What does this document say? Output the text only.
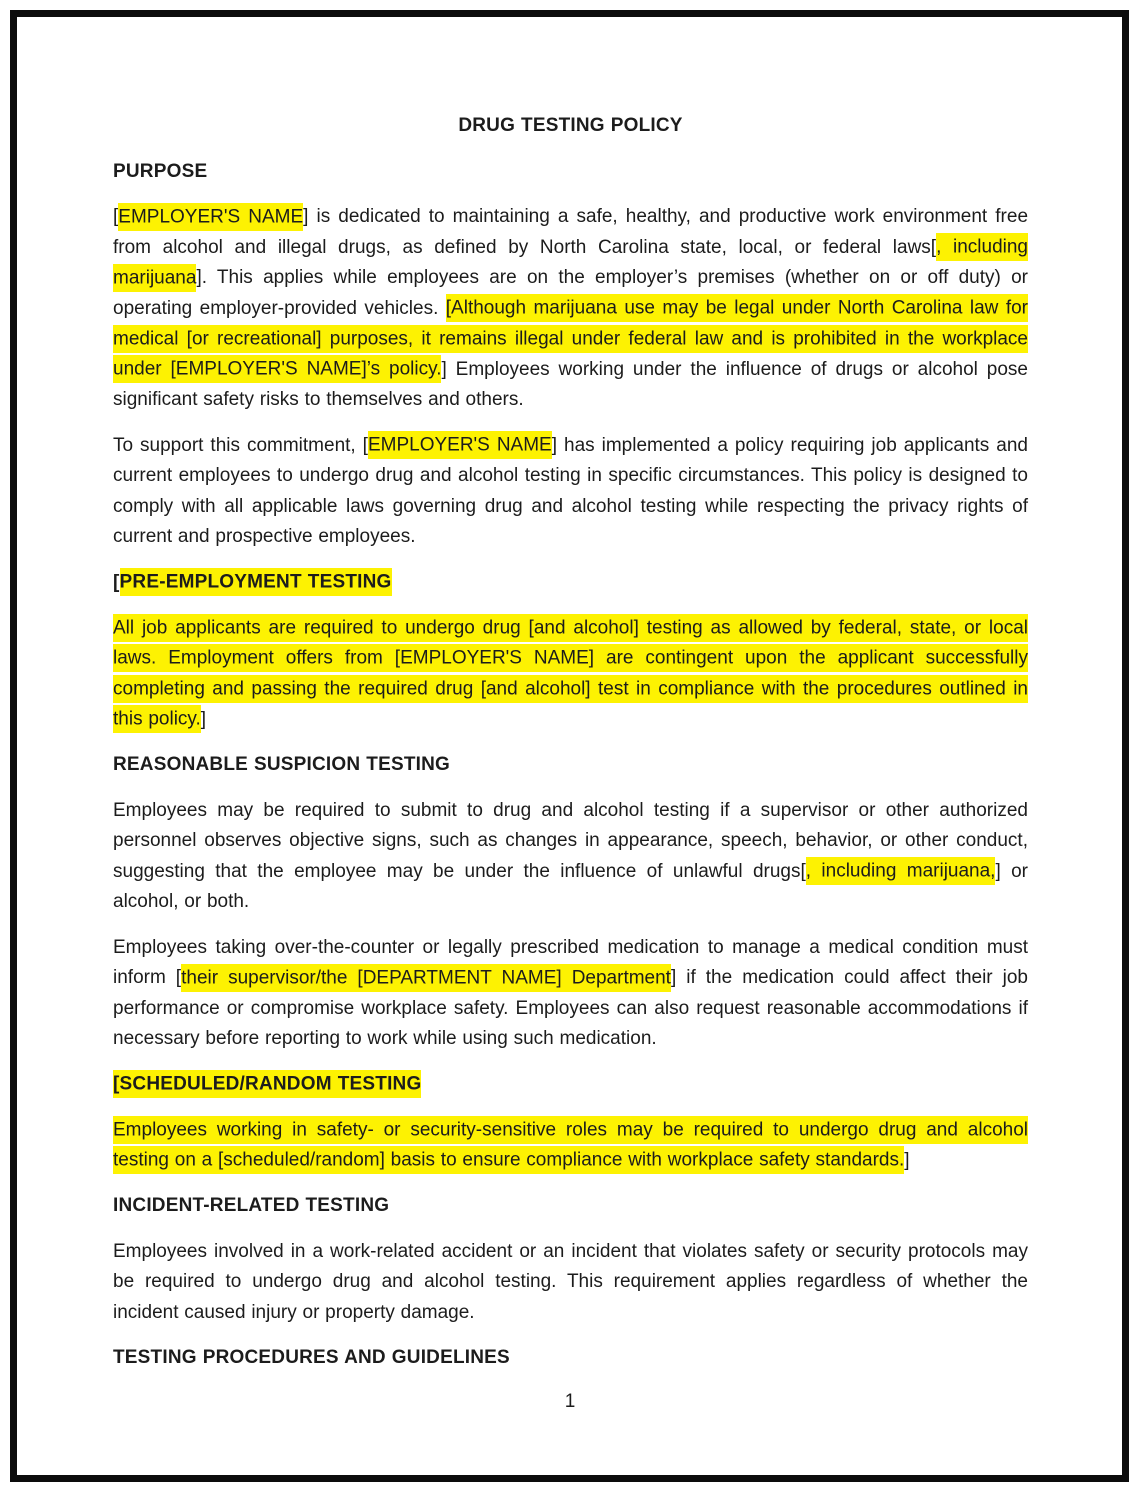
DRUG TESTING POLICY
PURPOSE
[EMPLOYER'S NAME] is dedicated to maintaining a safe, healthy, and productive work environment free from alcohol and illegal drugs, as defined by North Carolina state, local, or federal laws[, including marijuana]. This applies while employees are on the employer’s premises (whether on or off duty) or operating employer-provided vehicles. [Although marijuana use may be legal under North Carolina law for medical [or recreational] purposes, it remains illegal under federal law and is prohibited in the workplace under [EMPLOYER'S NAME]’s policy.] Employees working under the influence of drugs or alcohol pose significant safety risks to themselves and others.
To support this commitment, [EMPLOYER'S NAME] has implemented a policy requiring job applicants and current employees to undergo drug and alcohol testing in specific circumstances. This policy is designed to comply with all applicable laws governing drug and alcohol testing while respecting the privacy rights of current and prospective employees.
[PRE-EMPLOYMENT TESTING
All job applicants are required to undergo drug [and alcohol] testing as allowed by federal, state, or local laws. Employment offers from [EMPLOYER'S NAME] are contingent upon the applicant successfully completing and passing the required drug [and alcohol] test in compliance with the procedures outlined in this policy.]
REASONABLE SUSPICION TESTING
Employees may be required to submit to drug and alcohol testing if a supervisor or other authorized personnel observes objective signs, such as changes in appearance, speech, behavior, or other conduct, suggesting that the employee may be under the influence of unlawful drugs[, including marijuana,] or alcohol, or both.
Employees taking over-the-counter or legally prescribed medication to manage a medical condition must inform [their supervisor/the [DEPARTMENT NAME] Department] if the medication could affect their job performance or compromise workplace safety. Employees can also request reasonable accommodations if necessary before reporting to work while using such medication.
[SCHEDULED/RANDOM TESTING
Employees working in safety- or security-sensitive roles may be required to undergo drug and alcohol testing on a [scheduled/random] basis to ensure compliance with workplace safety standards.]
INCIDENT-RELATED TESTING
Employees involved in a work-related accident or an incident that violates safety or security protocols may be required to undergo drug and alcohol testing. This requirement applies regardless of whether the incident caused injury or property damage.
TESTING PROCEDURES AND GUIDELINES
1
